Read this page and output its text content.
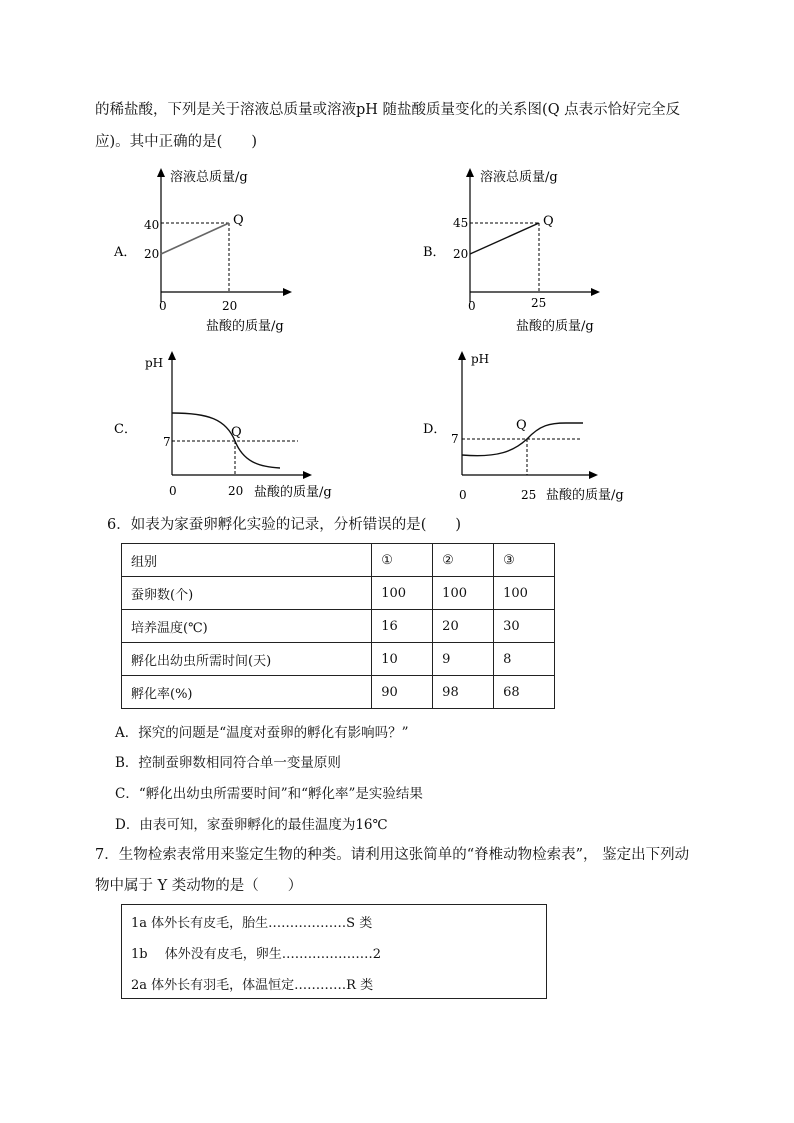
的稀盐酸，下列是关于溶液总质量或溶液pH 随盐酸质量变化的关系图(Q 点表示恰好完全反
应)。其中正确的是(　　)
A．
溶液总质量/g
40
20
Q
0	20
盐酸的质量/g
B．
溶液总质量/g
45
20
Q
0	25
盐酸的质量/g
C．
pH
7
Q
0	20 盐酸的质量/g
D．
pH
7
Q
0	25 盐酸的质量/g
6．如表为家蚕卵孵化实验的记录，分析错误的是(　　)
组别	①	②	③
蚕卵数(个)	100	100	100
培养温度(℃)	16	20	30
孵化出幼虫所需时间(天)	10	9	8
孵化率(%)	90	98	68
A．探究的问题是“温度对蚕卵的孵化有影响吗？”
B．控制蚕卵数相同符合单一变量原则
C．“孵化出幼虫所需要时间”和“孵化率”是实验结果
D．由表可知，家蚕卵孵化的最佳温度为16℃
7．生物检索表常用来鉴定生物的种类。请利用这张简单的“脊椎动物检索表”， 鉴定出下列动
物中属于 Y 类动物的是（　　）
1a 体外长有皮毛，胎生………………S 类
1b 　体外没有皮毛，卵生…………………2
2a 体外长有羽毛，体温恒定…………R 类
